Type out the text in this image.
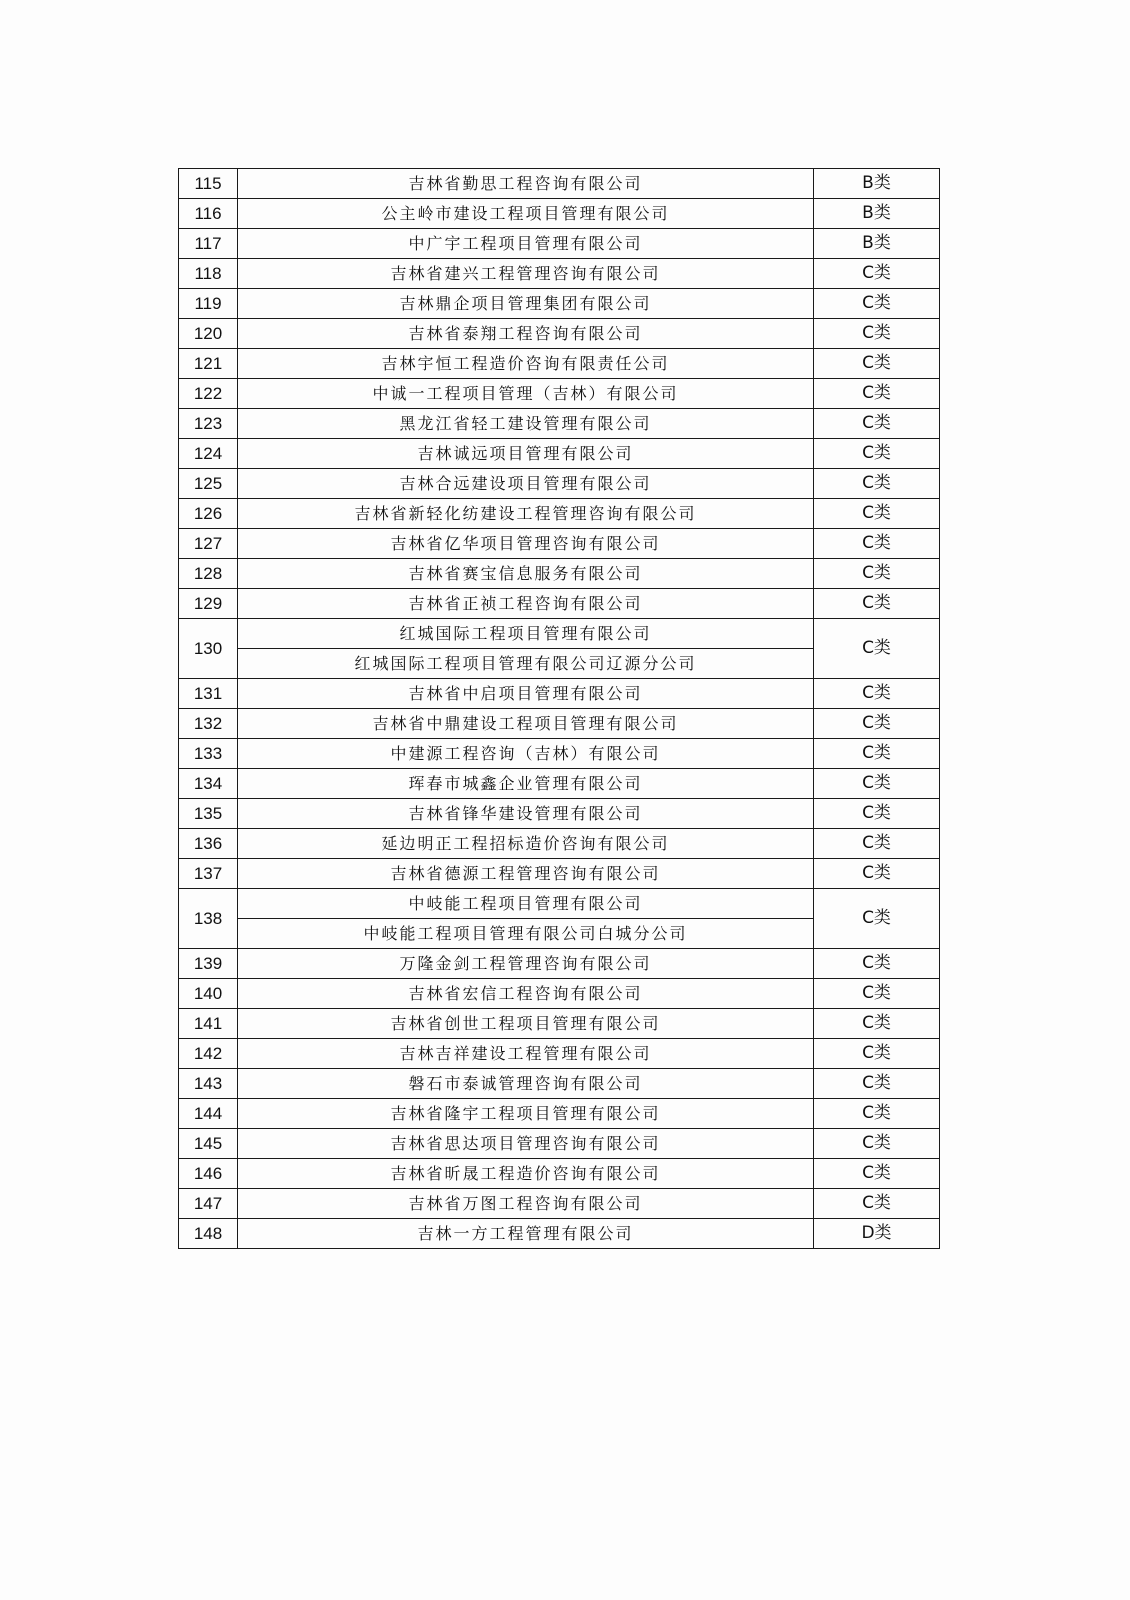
115	吉林省勤思工程咨询有限公司	B类
116	公主岭市建设工程项目管理有限公司	B类
117	中广宇工程项目管理有限公司	B类
118	吉林省建兴工程管理咨询有限公司	C类
119	吉林鼎企项目管理集团有限公司	C类
120	吉林省泰翔工程咨询有限公司	C类
121	吉林宇恒工程造价咨询有限责任公司	C类
122	中诚一工程项目管理（吉林）有限公司	C类
123	黑龙江省轻工建设管理有限公司	C类
124	吉林诚远项目管理有限公司	C类
125	吉林合远建设项目管理有限公司	C类
126	吉林省新轻化纺建设工程管理咨询有限公司	C类
127	吉林省亿华项目管理咨询有限公司	C类
128	吉林省赛宝信息服务有限公司	C类
129	吉林省正祯工程咨询有限公司	C类
130	红城国际工程项目管理有限公司	C类
	红城国际工程项目管理有限公司辽源分公司	
131	吉林省中启项目管理有限公司	C类
132	吉林省中鼎建设工程项目管理有限公司	C类
133	中建源工程咨询（吉林）有限公司	C类
134	珲春市城鑫企业管理有限公司	C类
135	吉林省锋华建设管理有限公司	C类
136	延边明正工程招标造价咨询有限公司	C类
137	吉林省德源工程管理咨询有限公司	C类
138	中岐能工程项目管理有限公司	C类
	中岐能工程项目管理有限公司白城分公司	
139	万隆金剑工程管理咨询有限公司	C类
140	吉林省宏信工程咨询有限公司	C类
141	吉林省创世工程项目管理有限公司	C类
142	吉林吉祥建设工程管理有限公司	C类
143	磐石市泰诚管理咨询有限公司	C类
144	吉林省隆宇工程项目管理有限公司	C类
145	吉林省思达项目管理咨询有限公司	C类
146	吉林省昕晟工程造价咨询有限公司	C类
147	吉林省万图工程咨询有限公司	C类
148	吉林一方工程管理有限公司	D类
